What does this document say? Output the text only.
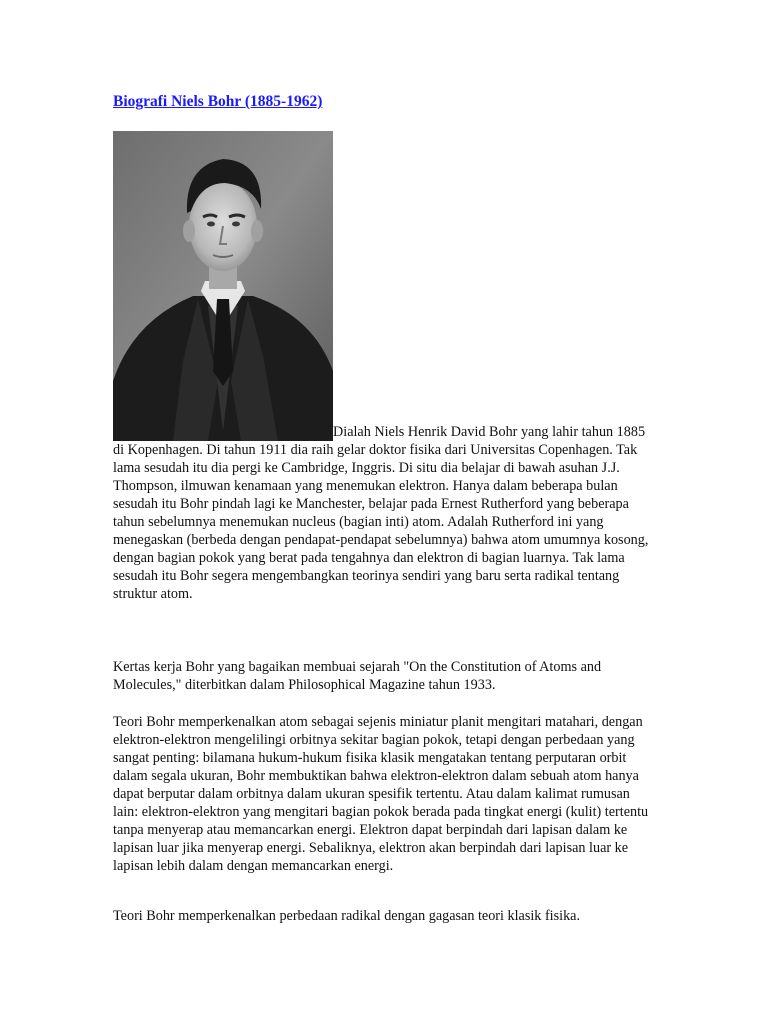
Biografi Niels Bohr (1885-1962)

Dialah Niels Henrik David Bohr yang lahir tahun 1885 di Kopenhagen. Di tahun 1911 dia raih gelar doktor fisika dari Universitas Copenhagen. Tak lama sesudah itu dia pergi ke Cambridge, Inggris. Di situ dia belajar di bawah asuhan J.J. Thompson, ilmuwan kenamaan yang menemukan elektron. Hanya dalam beberapa bulan sesudah itu Bohr pindah lagi ke Manchester, belajar pada Ernest Rutherford yang beberapa tahun sebelumnya menemukan nucleus (bagian inti) atom. Adalah Rutherford ini yang menegaskan (berbeda dengan pendapat-pendapat sebelumnya) bahwa atom umumnya kosong, dengan bagian pokok yang berat pada tengahnya dan elektron di bagian luarnya. Tak lama sesudah itu Bohr segera mengembangkan teorinya sendiri yang baru serta radikal tentang struktur atom.

Kertas kerja Bohr yang bagaikan membuai sejarah "On the Constitution of Atoms and Molecules," diterbitkan dalam Philosophical Magazine tahun 1933.

Teori Bohr memperkenalkan atom sebagai sejenis miniatur planit mengitari matahari, dengan elektron-elektron mengelilingi orbitnya sekitar bagian pokok, tetapi dengan perbedaan yang sangat penting: bilamana hukum-hukum fisika klasik mengatakan tentang perputaran orbit dalam segala ukuran, Bohr membuktikan bahwa elektron-elektron dalam sebuah atom hanya dapat berputar dalam orbitnya dalam ukuran spesifik tertentu. Atau dalam kalimat rumusan lain: elektron-elektron yang mengitari bagian pokok berada pada tingkat energi (kulit) tertentu tanpa menyerap atau memancarkan energi. Elektron dapat berpindah dari lapisan dalam ke lapisan luar jika menyerap energi. Sebaliknya, elektron akan berpindah dari lapisan luar ke lapisan lebih dalam dengan memancarkan energi.

Teori Bohr memperkenalkan perbedaan radikal dengan gagasan teori klasik fisika.
